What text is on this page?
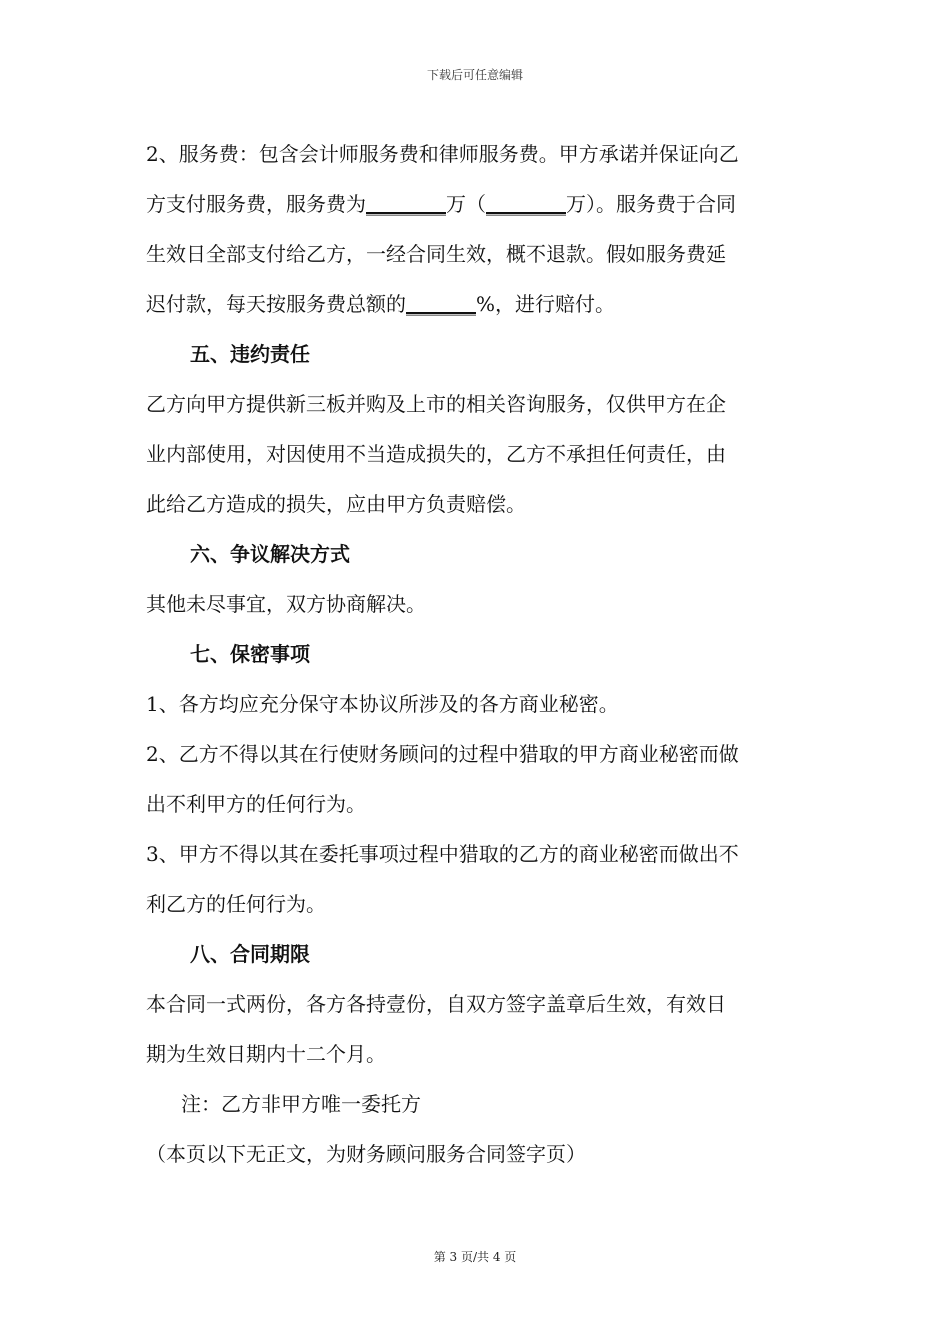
下载后可任意编辑
2、服务费：包含会计师服务费和律师服务费。甲方承诺并保证向乙
方支付服务费，服务费为________万（________万）。服务费于合同
生效日全部支付给乙方，一经合同生效，概不退款。假如服务费延
迟付款，每天按服务费总额的_______%，进行赔付。
五、违约责任
乙方向甲方提供新三板并购及上市的相关咨询服务，仅供甲方在企
业内部使用，对因使用不当造成损失的，乙方不承担任何责任，由
此给乙方造成的损失，应由甲方负责赔偿。
六、争议解决方式
其他未尽事宜，双方协商解决。
七、保密事项
1、各方均应充分保守本协议所涉及的各方商业秘密。
2、乙方不得以其在行使财务顾问的过程中猎取的甲方商业秘密而做
出不利甲方的任何行为。
3、甲方不得以其在委托事项过程中猎取的乙方的商业秘密而做出不
利乙方的任何行为。
八、合同期限
本合同一式两份，各方各持壹份，自双方签字盖章后生效，有效日
期为生效日期内十二个月。
注：乙方非甲方唯一委托方
（本页以下无正文，为财务顾问服务合同签字页）
第 3 页/共 4 页
